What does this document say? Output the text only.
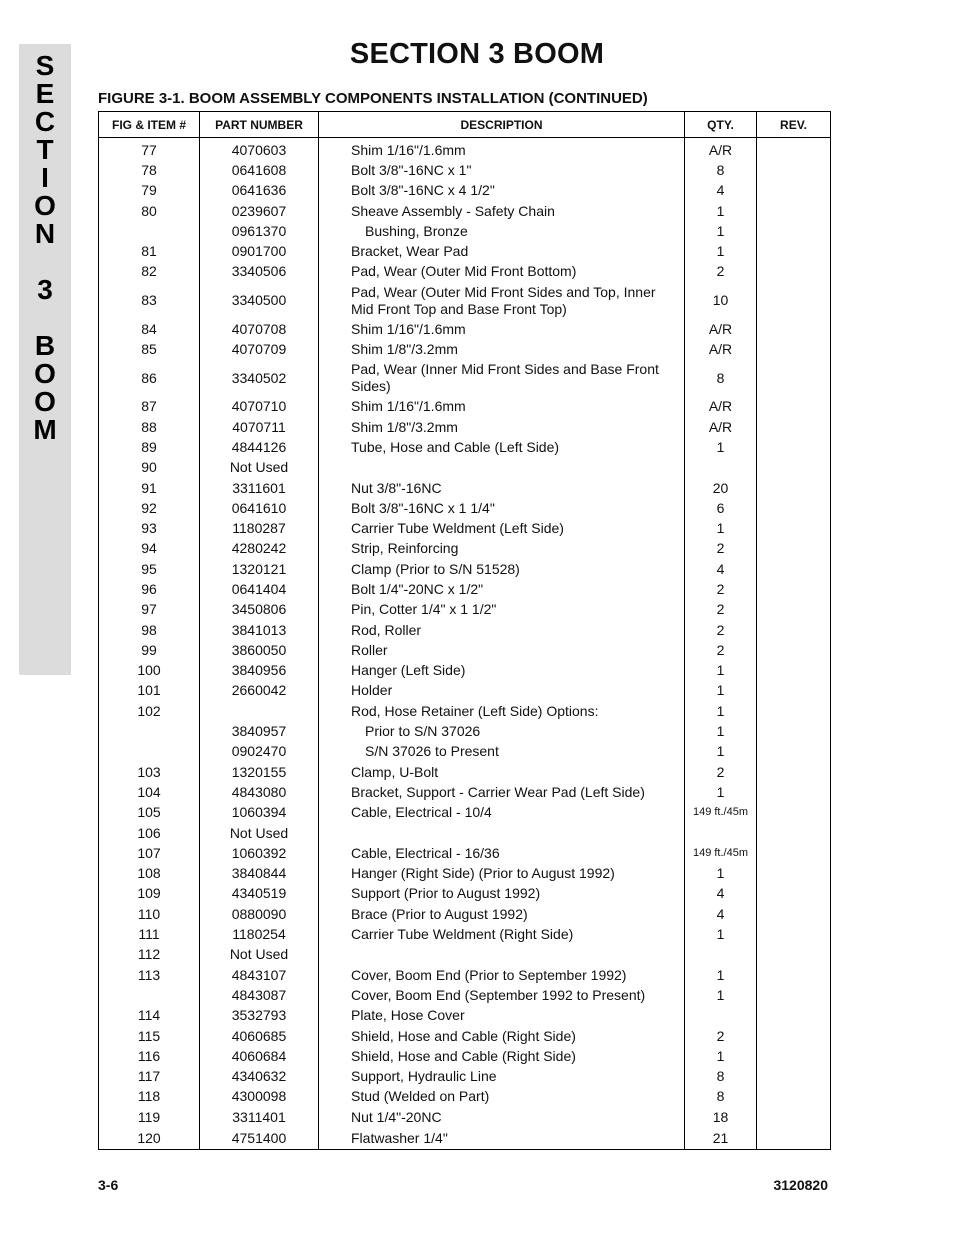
S
E
C
T
I
O
N
3
B
O
O
M
SECTION 3 BOOM
FIGURE 3-1. BOOM ASSEMBLY COMPONENTS INSTALLATION (CONTINUED)
FIG & ITEM #	PART NUMBER	DESCRIPTION	QTY.	REV.
77	4070603	Shim 1/16"/1.6mm	A/R	
78	0641608	Bolt 3/8"-16NC x 1"	8	
79	0641636	Bolt 3/8"-16NC x 4 1/2"	4	
80	0239607	Sheave Assembly - Safety Chain	1	
	0961370	Bushing, Bronze	1	
81	0901700	Bracket, Wear Pad	1	
82	3340506	Pad, Wear (Outer Mid Front Bottom)	2	
83	3340500	Pad, Wear (Outer Mid Front Sides and Top, Inner Mid Front Top and Base Front Top)	10	
84	4070708	Shim 1/16"/1.6mm	A/R	
85	4070709	Shim 1/8"/3.2mm	A/R	
86	3340502	Pad, Wear (Inner Mid Front Sides and Base Front Sides)	8	
87	4070710	Shim 1/16"/1.6mm	A/R	
88	4070711	Shim 1/8"/3.2mm	A/R	
89	4844126	Tube, Hose and Cable (Left Side)	1	
90	Not Used			
91	3311601	Nut 3/8"-16NC	20	
92	0641610	Bolt 3/8"-16NC x 1 1/4"	6	
93	1180287	Carrier Tube Weldment (Left Side)	1	
94	4280242	Strip, Reinforcing	2	
95	1320121	Clamp (Prior to S/N 51528)	4	
96	0641404	Bolt 1/4"-20NC x 1/2"	2	
97	3450806	Pin, Cotter 1/4" x 1 1/2"	2	
98	3841013	Rod, Roller	2	
99	3860050	Roller	2	
100	3840956	Hanger (Left Side)	1	
101	2660042	Holder	1	
102		Rod, Hose Retainer (Left Side) Options:	1	
	3840957	Prior to S/N 37026	1	
	0902470	S/N 37026 to Present	1	
103	1320155	Clamp, U-Bolt	2	
104	4843080	Bracket, Support - Carrier Wear Pad (Left Side)	1	
105	1060394	Cable, Electrical - 10/4	149 ft./45m	
106	Not Used			
107	1060392	Cable, Electrical - 16/36	149 ft./45m	
108	3840844	Hanger (Right Side) (Prior to August 1992)	1	
109	4340519	Support (Prior to August 1992)	4	
110	0880090	Brace (Prior to August 1992)	4	
111	1180254	Carrier Tube Weldment (Right Side)	1	
112	Not Used			
113	4843107	Cover, Boom End (Prior to September 1992)	1	
	4843087	Cover, Boom End (September 1992 to Present)	1	
114	3532793	Plate, Hose Cover		
115	4060685	Shield, Hose and Cable (Right Side)	2	
116	4060684	Shield, Hose and Cable (Right Side)	1	
117	4340632	Support, Hydraulic Line	8	
118	4300098	Stud (Welded on Part)	8	
119	3311401	Nut 1/4"-20NC	18	
120	4751400	Flatwasher 1/4"	21	
3-6	3120820
